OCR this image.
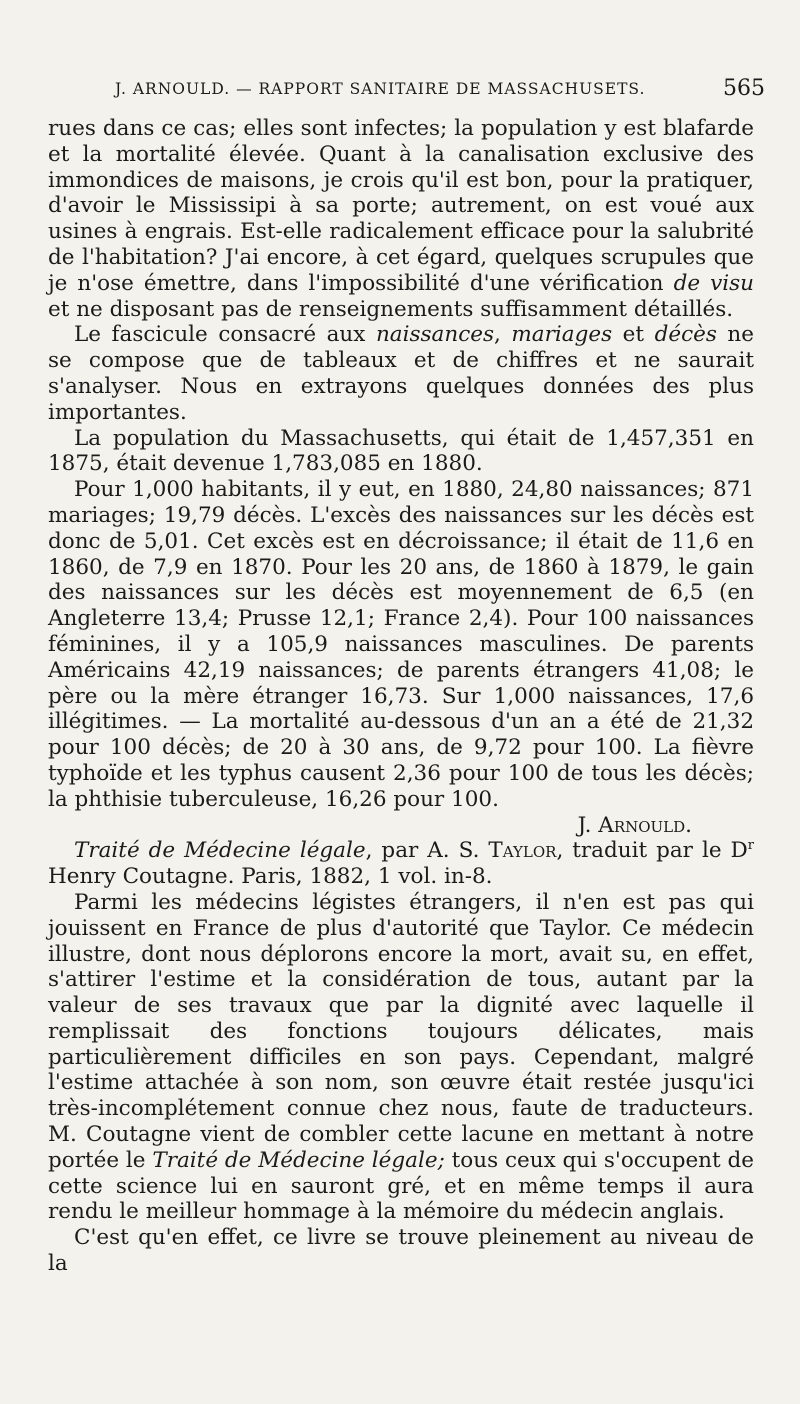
J. ARNOULD. — RAPPORT SANITAIRE DE MASSACHUSETS.	565

rues dans ce cas; elles sont infectes; la population y est blafarde et la mortalité élevée. Quant à la canalisation exclusive des immondices de maisons, je crois qu'il est bon, pour la pratiquer, d'avoir le Mississipi à sa porte; autrement, on est voué aux usines à engrais. Est-elle radicalement efficace pour la salubrité de l'habitation? J'ai encore, à cet égard, quelques scrupules que je n'ose émettre, dans l'impossibilité d'une vérification de visu et ne disposant pas de renseignements suffisamment détaillés.

Le fascicule consacré aux naissances, mariages et décès ne se compose que de tableaux et de chiffres et ne saurait s'analyser. Nous en extrayons quelques données des plus importantes.

La population du Massachusetts, qui était de 1,457,351 en 1875, était devenue 1,783,085 en 1880.

Pour 1,000 habitants, il y eut, en 1880, 24,80 naissances; 871 mariages; 19,79 décès. L'excès des naissances sur les décès est donc de 5,01. Cet excès est en décroissance; il était de 11,6 en 1860, de 7,9 en 1870. Pour les 20 ans, de 1860 à 1879, le gain des naissances sur les décès est moyennement de 6,5 (en Angleterre 13,4; Prusse 12,1; France 2,4). Pour 100 naissances féminines, il y a 105,9 naissances masculines. De parents Américains 42,19 naissances; de parents étrangers 41,08; le père ou la mère étranger 16,73. Sur 1,000 naissances, 17,6 illégitimes. — La mortalité au-dessous d'un an a été de 21,32 pour 100 décès; de 20 à 30 ans, de 9,72 pour 100. La fièvre typhoïde et les typhus causent 2,36 pour 100 de tous les décès; la phthisie tuberculeuse, 16,26 pour 100.

J. Arnould.

Traité de Médecine légale, par A. S. Taylor, traduit par le $D^r$ Henry Coutagne. Paris, 1882, 1 vol. in-8.

Parmi les médecins légistes étrangers, il n'en est pas qui jouissent en France de plus d'autorité que Taylor. Ce médecin illustre, dont nous déplorons encore la mort, avait su, en effet, s'attirer l'estime et la considération de tous, autant par la valeur de ses travaux que par la dignité avec laquelle il remplissait des fonctions toujours délicates, mais particulièrement difficiles en son pays. Cependant, malgré l'estime attachée à son nom, son œuvre était restée jusqu'ici très-incomplétement connue chez nous, faute de traducteurs. M. Coutagne vient de combler cette lacune en mettant à notre portée le Traité de Médecine légale; tous ceux qui s'occupent de cette science lui en sauront gré, et en même temps il aura rendu le meilleur hommage à la mémoire du médecin anglais.

C'est qu'en effet, ce livre se trouve pleinement au niveau de la
